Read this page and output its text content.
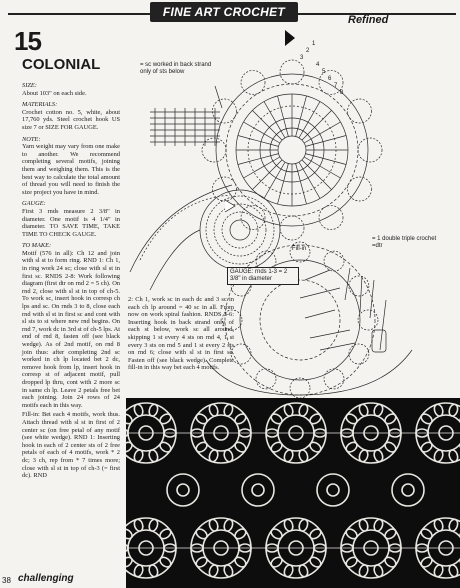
FINE ART CROCHET
Refined
15
COLONIAL
SIZE:

About 103" on each side.

MATERIALS:

Crochet cotton no. 5, white, about 17,760 yds. Steel crochet hook US size 7 or SIZE FOR GAUGE.

NOTE:

Yarn weight may vary from one make to another. We recommend completing several motifs, joining them and weighing them. This is the best way to calculate the total amount of thread you will need to finish the size project you have in mind.

GAUGE:

First 3 rnds measure 2 3/8" in diameter. One motif is 4 1/4" in diameter. TO SAVE TIME, TAKE TIME TO CHECK GAUGE.

TO MAKE:

Motif (576 in all): Ch 12 and join with sl st to form ring. RND 1: Ch 1, in ring work 24 sc; close with sl st in first sc. RNDS 2-8: Work following diagram (first dtr on rnd 2 = 5 ch). On rnd 2, close with sl st in top of ch-5. To work sc, insert hook in corresp ch lps and sc. On rnds 3 to 8, close each rnd with sl st in first sc and cont with sl sts to st where new rnd begins. On rnd 7, work dc in 3rd st of ch-5 lps. At end of rnd 8, fasten off (see black wedge). As of 2nd motif, on rnd 8 join thus: after completing 2nd sc worked in ch lp located bet 2 dc, remove hook from lp, insert hook in corresp st of adjacent motif, pull dropped lp thru, cont with 2 more sc in same ch lp. Leave 2 petals free bet each joining. Join 24 rows of 24 motifs each in this way.

Fill-in: Bet each 4 motifs, work thus. Attach thread with sl st in first of 2 center sc (on free petal of any motif (see white wedge). RND 1: Inserting hook in each of 2 center sts of 2 free petals of each of 4 motifs, work * 2 dc; 3 ch, rep from * 7 times more; close with sl st in top of ch-3 (= first dc). RND

2: Ch 1, work sc in each dc and 3 sc in each ch lp around = 40 sc in all. From now on work spiral fashion. RNDS 3-6: Inserting hook in back strand only of each st below, work sc all around, skipping 1 st every 4 sts on rnd 4, 1 st every 3 sts on rnd 5 and 1 st every 2 sts on rnd 6; close with sl st in first sc. Fasten off (see black wedge). Complete fill-in in this way bet each 4 motifs.
1
2
3
4
5
6
7
8
Fill-in
= sc worked in back strand only of sts below
= 1 double triple crochet =dtr
GAUGE: rnds 1-3 = 2 3/8" in diameter
38 challenging
